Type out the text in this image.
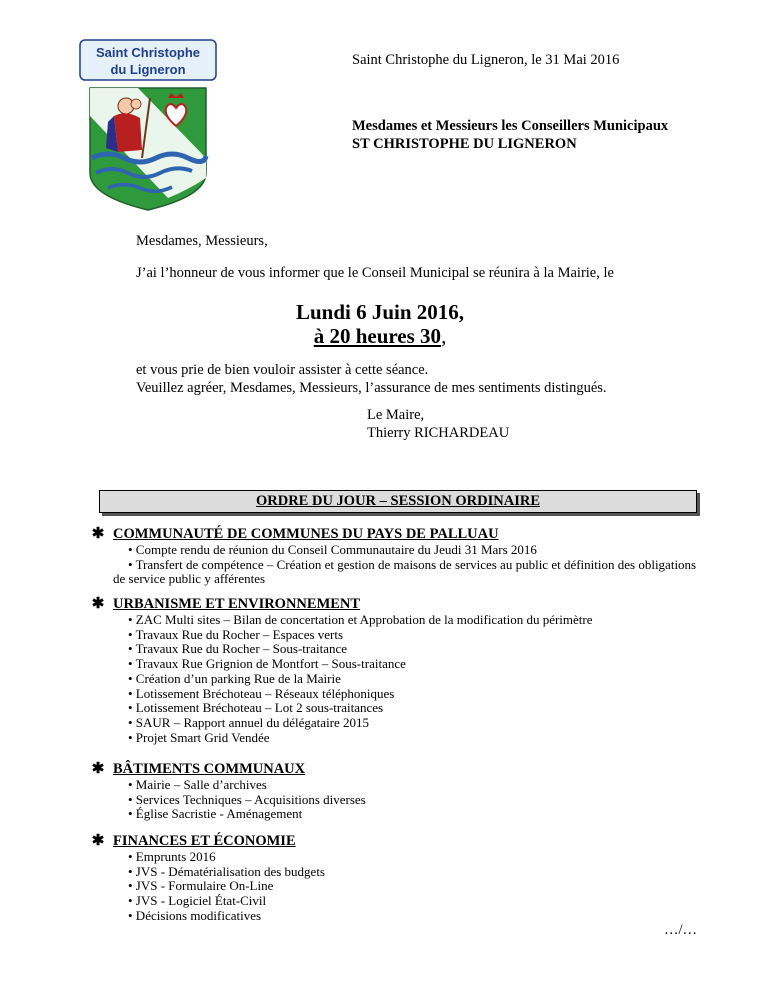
Saint Christophe
du Ligneron
Saint Christophe du Ligneron, le 31 Mai 2016
Mesdames et Messieurs les Conseillers Municipaux
ST CHRISTOPHE DU LIGNERON
Mesdames, Messieurs,
J’ai l’honneur de vous informer que le Conseil Municipal se réunira à la Mairie, le
Lundi 6 Juin 2016,
à 20 heures 30,
et vous prie de bien vouloir assister à cette séance.
Veuillez agréer, Mesdames, Messieurs, l’assurance de mes sentiments distingués.
Le Maire,
Thierry RICHARDEAU
ORDRE DU JOUR – SESSION ORDINAIRE
✱ COMMUNAUTÉ DE COMMUNES DU PAYS DE PALLUAU
• Compte rendu de réunion du Conseil Communautaire du Jeudi 31 Mars 2016
• Transfert de compétence – Création et gestion de maisons de services au public et définition des obligations de service public y afférentes
✱ URBANISME ET ENVIRONNEMENT
• ZAC Multi sites – Bilan de concertation et Approbation de la modification du périmètre
• Travaux Rue du Rocher – Espaces verts
• Travaux Rue du Rocher – Sous-traitance
• Travaux Rue Grignion de Montfort – Sous-traitance
• Création d’un parking Rue de la Mairie
• Lotissement Bréchoteau – Réseaux téléphoniques
• Lotissement Bréchoteau – Lot 2 sous-traitances
• SAUR – Rapport annuel du délégataire 2015
• Projet Smart Grid Vendée
✱ BÂTIMENTS COMMUNAUX
• Mairie – Salle d’archives
• Services Techniques – Acquisitions diverses
• Église Sacristie - Aménagement
✱ FINANCES ET ÉCONOMIE
• Emprunts 2016
• JVS - Dématérialisation des budgets
• JVS - Formulaire On-Line
• JVS - Logiciel État-Civil
• Décisions modificatives
…/…
